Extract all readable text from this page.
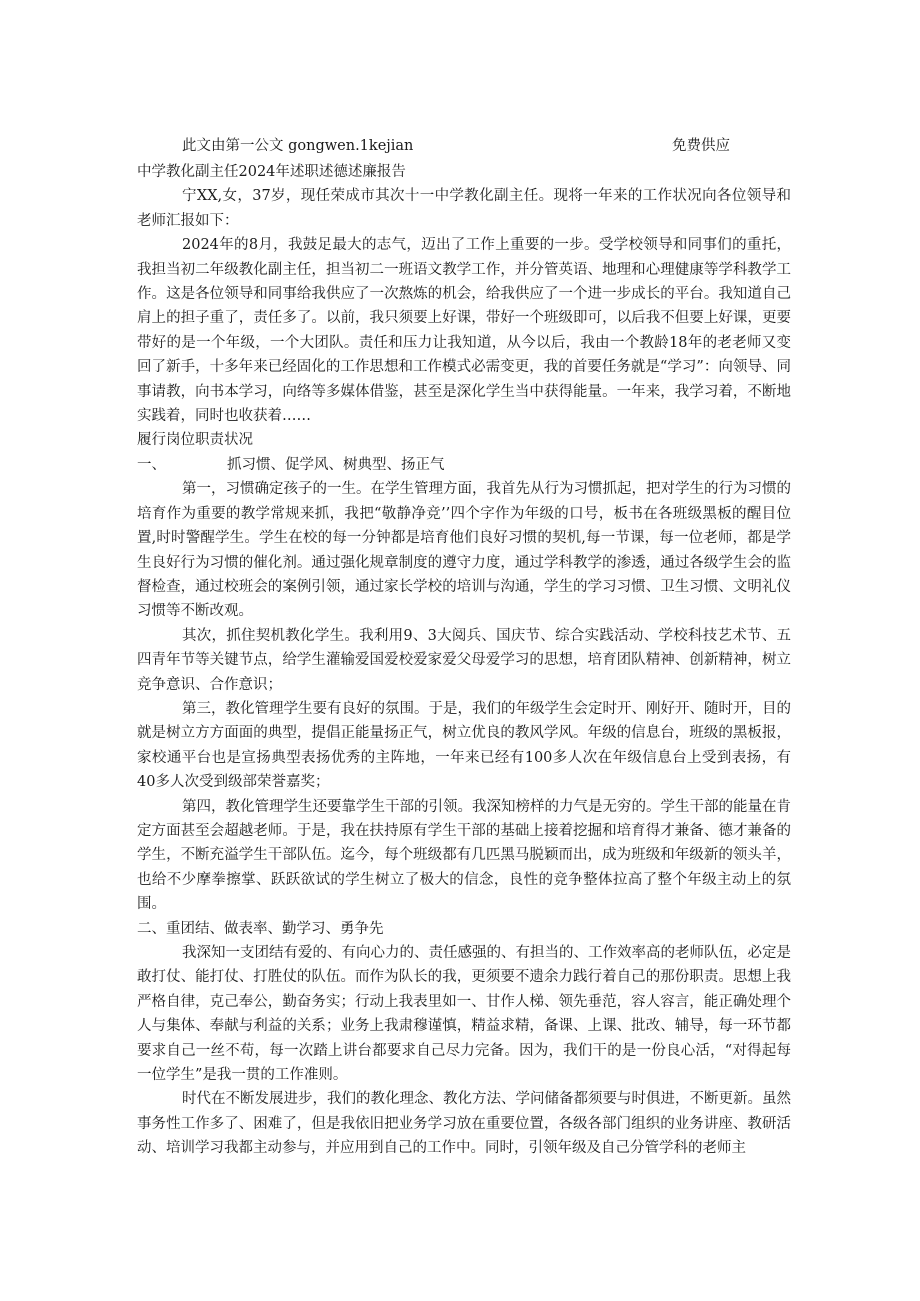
此文由第一公文 gongwen.1kejian	免费供应

中学教化副主任2024年述职述德述廉报告

宁XX,女，37岁，现任荣成市其次十一中学教化副主任。现将一年来的工作状况向各位领导和老师汇报如下：

2024年的8月，我鼓足最大的志气，迈出了工作上重要的一步。受学校领导和同事们的重托，我担当初二年级教化副主任，担当初二一班语文教学工作，并分管英语、地理和心理健康等学科教学工作。这是各位领导和同事给我供应了一次熬炼的机会，给我供应了一个进一步成长的平台。我知道自己肩上的担子重了，责任多了。以前，我只须要上好课，带好一个班级即可，以后我不但要上好课，更要带好的是一个年级，一个大团队。责任和压力让我知道，从今以后，我由一个教龄18年的老老师又变回了新手，十多年来已经固化的工作思想和工作模式必需变更，我的首要任务就是“学习”：向领导、同事请教，向书本学习，向络等多媒体借鉴，甚至是深化学生当中获得能量。一年来，我学习着，不断地实践着，同时也收获着……

履行岗位职责状况

一、	抓习惯、促学风、树典型、扬正气

第一，习惯确定孩子的一生。在学生管理方面，我首先从行为习惯抓起，把对学生的行为习惯的培育作为重要的教学常规来抓，我把“敬静净竞’’四个字作为年级的口号，板书在各班级黑板的醒目位置,时时警醒学生。学生在校的每一分钟都是培育他们良好习惯的契机,每一节课，每一位老师，都是学生良好行为习惯的催化剂。通过强化规章制度的遵守力度，通过学科教学的渗透，通过各级学生会的监督检查，通过校班会的案例引领，通过家长学校的培训与沟通，学生的学习习惯、卫生习惯、文明礼仪习惯等不断改观。

其次，抓住契机教化学生。我利用9、3大阅兵、国庆节、综合实践活动、学校科技艺术节、五四青年节等关键节点，给学生灌输爱国爱校爱家爱父母爱学习的思想，培育团队精神、创新精神，树立竞争意识、合作意识；

第三，教化管理学生要有良好的氛围。于是，我们的年级学生会定时开、刚好开、随时开，目的就是树立方方面面的典型，提倡正能量扬正气，树立优良的教风学风。年级的信息台，班级的黑板报，家校通平台也是宣扬典型表扬优秀的主阵地，一年来已经有100多人次在年级信息台上受到表扬，有40多人次受到级部荣誉嘉奖；

第四，教化管理学生还要靠学生干部的引领。我深知榜样的力气是无穷的。学生干部的能量在肯定方面甚至会超越老师。于是，我在扶持原有学生干部的基础上接着挖掘和培育得才兼备、德才兼备的学生，不断充溢学生干部队伍。迄今，每个班级都有几匹黑马脱颖而出，成为班级和年级新的领头羊，也给不少摩拳擦掌、跃跃欲试的学生树立了极大的信念，良性的竞争整体拉高了整个年级主动上的氛围。

二、重团结、做表率、勤学习、勇争先

我深知一支团结有爱的、有向心力的、责任感强的、有担当的、工作效率高的老师队伍，必定是敢打仗、能打仗、打胜仗的队伍。而作为队长的我，更须要不遗余力践行着自己的那份职责。思想上我严格自律，克己奉公，勤奋务实；行动上我表里如一、甘作人梯、领先垂范，容人容言，能正确处理个人与集体、奉献与利益的关系；业务上我肃穆谨慎，精益求精，备课、上课、批改、辅导，每一环节都要求自己一丝不苟，每一次踏上讲台都要求自己尽力完备。因为，我们干的是一份良心活，“对得起每一位学生”是我一贯的工作准则。

时代在不断发展进步，我们的教化理念、教化方法、学问储备都须要与时俱进，不断更新。虽然事务性工作多了、困难了，但是我依旧把业务学习放在重要位置，各级各部门组织的业务讲座、教研活动、培训学习我都主动参与，并应用到自己的工作中。同时，引领年级及自己分管学科的老师主
